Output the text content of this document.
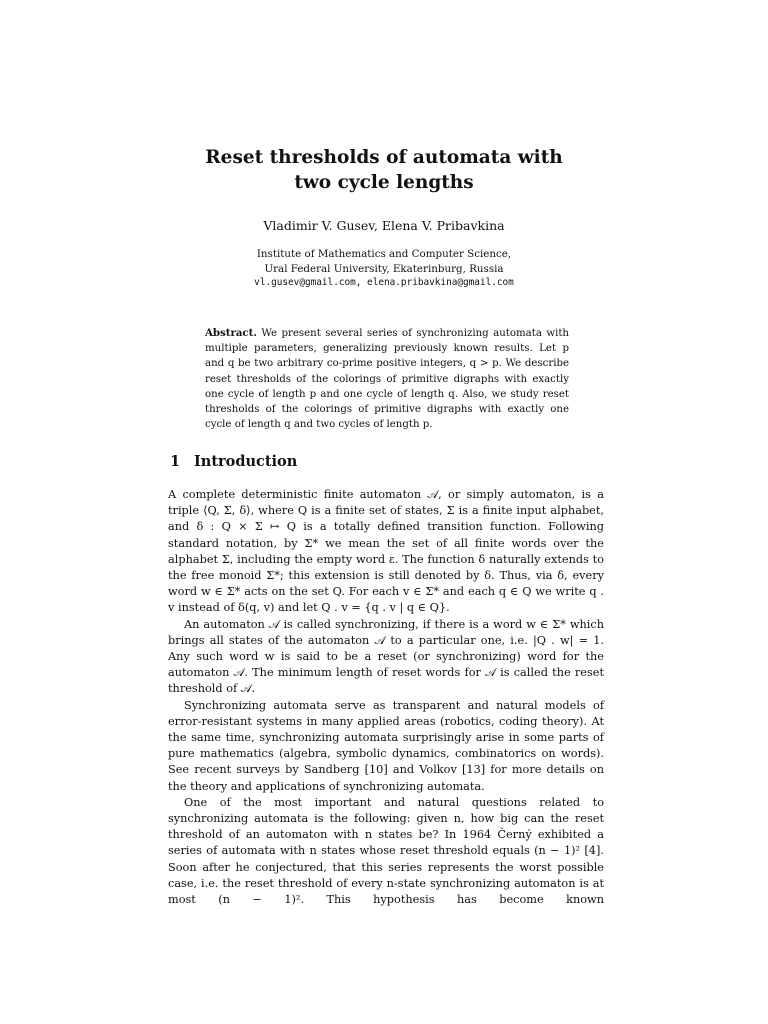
Reset thresholds of automata with
two cycle lengths
Vladimir V. Gusev, Elena V. Pribavkina
Institute of Mathematics and Computer Science,
Ural Federal University, Ekaterinburg, Russia
vl.gusev@gmail.com, elena.pribavkina@gmail.com
Abstract. We present several series of synchronizing automata with multiple parameters, generalizing previously known results. Let p and q be two arbitrary co-prime positive integers, q > p. We describe reset thresholds of the colorings of primitive digraphs with exactly one cycle of length p and one cycle of length q. Also, we study reset thresholds of the colorings of primitive digraphs with exactly one cycle of length q and two cycles of length p.
1 Introduction

A complete deterministic finite automaton 𝒜, or simply automaton, is a triple ⟨Q, Σ, δ⟩, where Q is a finite set of states, Σ is a finite input alphabet, and δ : Q × Σ ↦ Q is a totally defined transition function. Following standard notation, by Σ* we mean the set of all finite words over the alphabet Σ, including the empty word ε. The function δ naturally extends to the free monoid Σ*; this extension is still denoted by δ. Thus, via δ, every word w ∈ Σ* acts on the set Q. For each v ∈ Σ* and each q ∈ Q we write q . v instead of δ(q, v) and let Q . v = {q . v | q ∈ Q}.

An automaton 𝒜 is called synchronizing, if there is a word w ∈ Σ* which brings all states of the automaton 𝒜 to a particular one, i.e. |Q . w| = 1. Any such word w is said to be a reset (or synchronizing) word for the automaton 𝒜. The minimum length of reset words for 𝒜 is called the reset threshold of 𝒜.

Synchronizing automata serve as transparent and natural models of error-resistant systems in many applied areas (robotics, coding theory). At the same time, synchronizing automata surprisingly arise in some parts of pure mathematics (algebra, symbolic dynamics, combinatorics on words). See recent surveys by Sandberg [10] and Volkov [13] for more details on the theory and applications of synchronizing automata.

One of the most important and natural questions related to synchronizing automata is the following: given n, how big can the reset threshold of an automaton with n states be? In 1964 Černý exhibited a series of automata with n states whose reset threshold equals (n − 1)² [4]. Soon after he conjectured, that this series represents the worst possible case, i.e. the reset threshold of every n-state synchronizing automaton is at most (n − 1)². This hypothesis has become known
